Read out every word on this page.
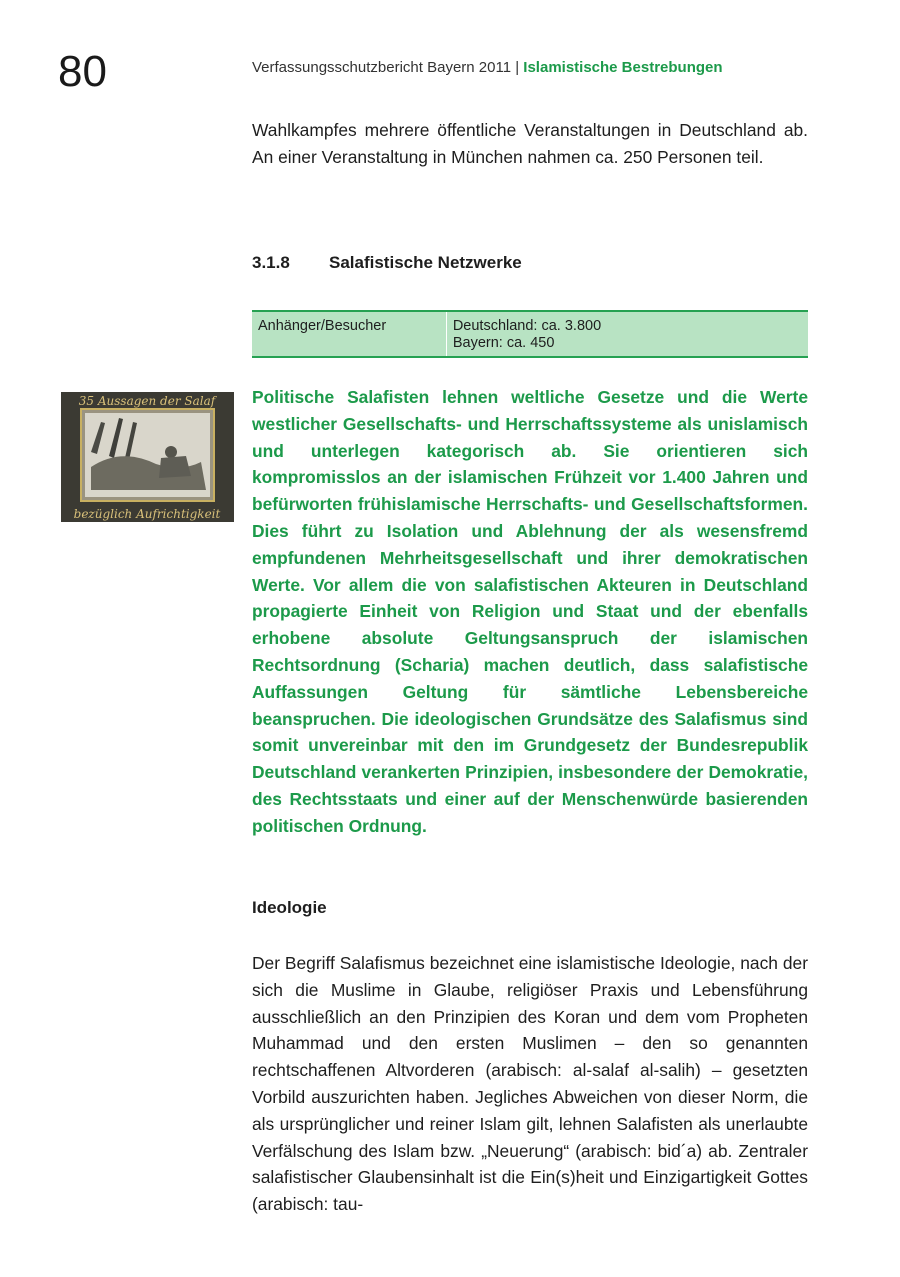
80	Verfassungsschutzbericht Bayern 2011 | Islamistische Bestrebungen

Wahlkampfes mehrere öffentliche Veranstaltungen in Deutschland ab. An einer Veranstaltung in München nahmen ca. 250 Personen teil.

3.1.8 Salafistische Netzwerke
Anhänger/Besucher	Deutschland: ca. 3.800
Bayern: ca. 450
35 Aussagen der Salaf
bezüglich Aufrichtigkeit

Politische Salafisten lehnen weltliche Gesetze und die Werte westlicher Gesellschafts- und Herrschaftssysteme als unislamisch und unterlegen kategorisch ab. Sie orientieren sich kompromisslos an der islamischen Frühzeit vor 1.400 Jahren und befürworten frühislamische Herrschafts- und Gesellschaftsformen. Dies führt zu Isolation und Ablehnung der als wesensfremd empfundenen Mehrheitsgesellschaft und ihrer demokratischen Werte. Vor allem die von salafistischen Akteuren in Deutschland propagierte Einheit von Religion und Staat und der ebenfalls erhobene absolute Geltungsanspruch der islamischen Rechtsordnung (Scharia) machen deutlich, dass salafistische Auffassungen Geltung für sämtliche Lebensbereiche beanspruchen. Die ideologischen Grundsätze des Salafismus sind somit unvereinbar mit den im Grundgesetz der Bundesrepublik Deutschland verankerten Prinzipien, insbesondere der Demokratie, des Rechtsstaats und einer auf der Menschenwürde basierenden politischen Ordnung.

Ideologie

Der Begriff Salafismus bezeichnet eine islamistische Ideologie, nach der sich die Muslime in Glaube, religiöser Praxis und Lebensführung ausschließlich an den Prinzipien des Koran und dem vom Propheten Muhammad und den ersten Muslimen – den so genannten rechtschaffenen Altvorderen (arabisch: al-salaf al-salih) – gesetzten Vorbild auszurichten haben. Jegliches Abweichen von dieser Norm, die als ursprünglicher und reiner Islam gilt, lehnen Salafisten als unerlaubte Verfälschung des Islam bzw. „Neuerung“ (arabisch: bid´a) ab. Zentraler salafistischer Glaubensinhalt ist die Ein(s)heit und Einzigartigkeit Gottes (arabisch: tau-
